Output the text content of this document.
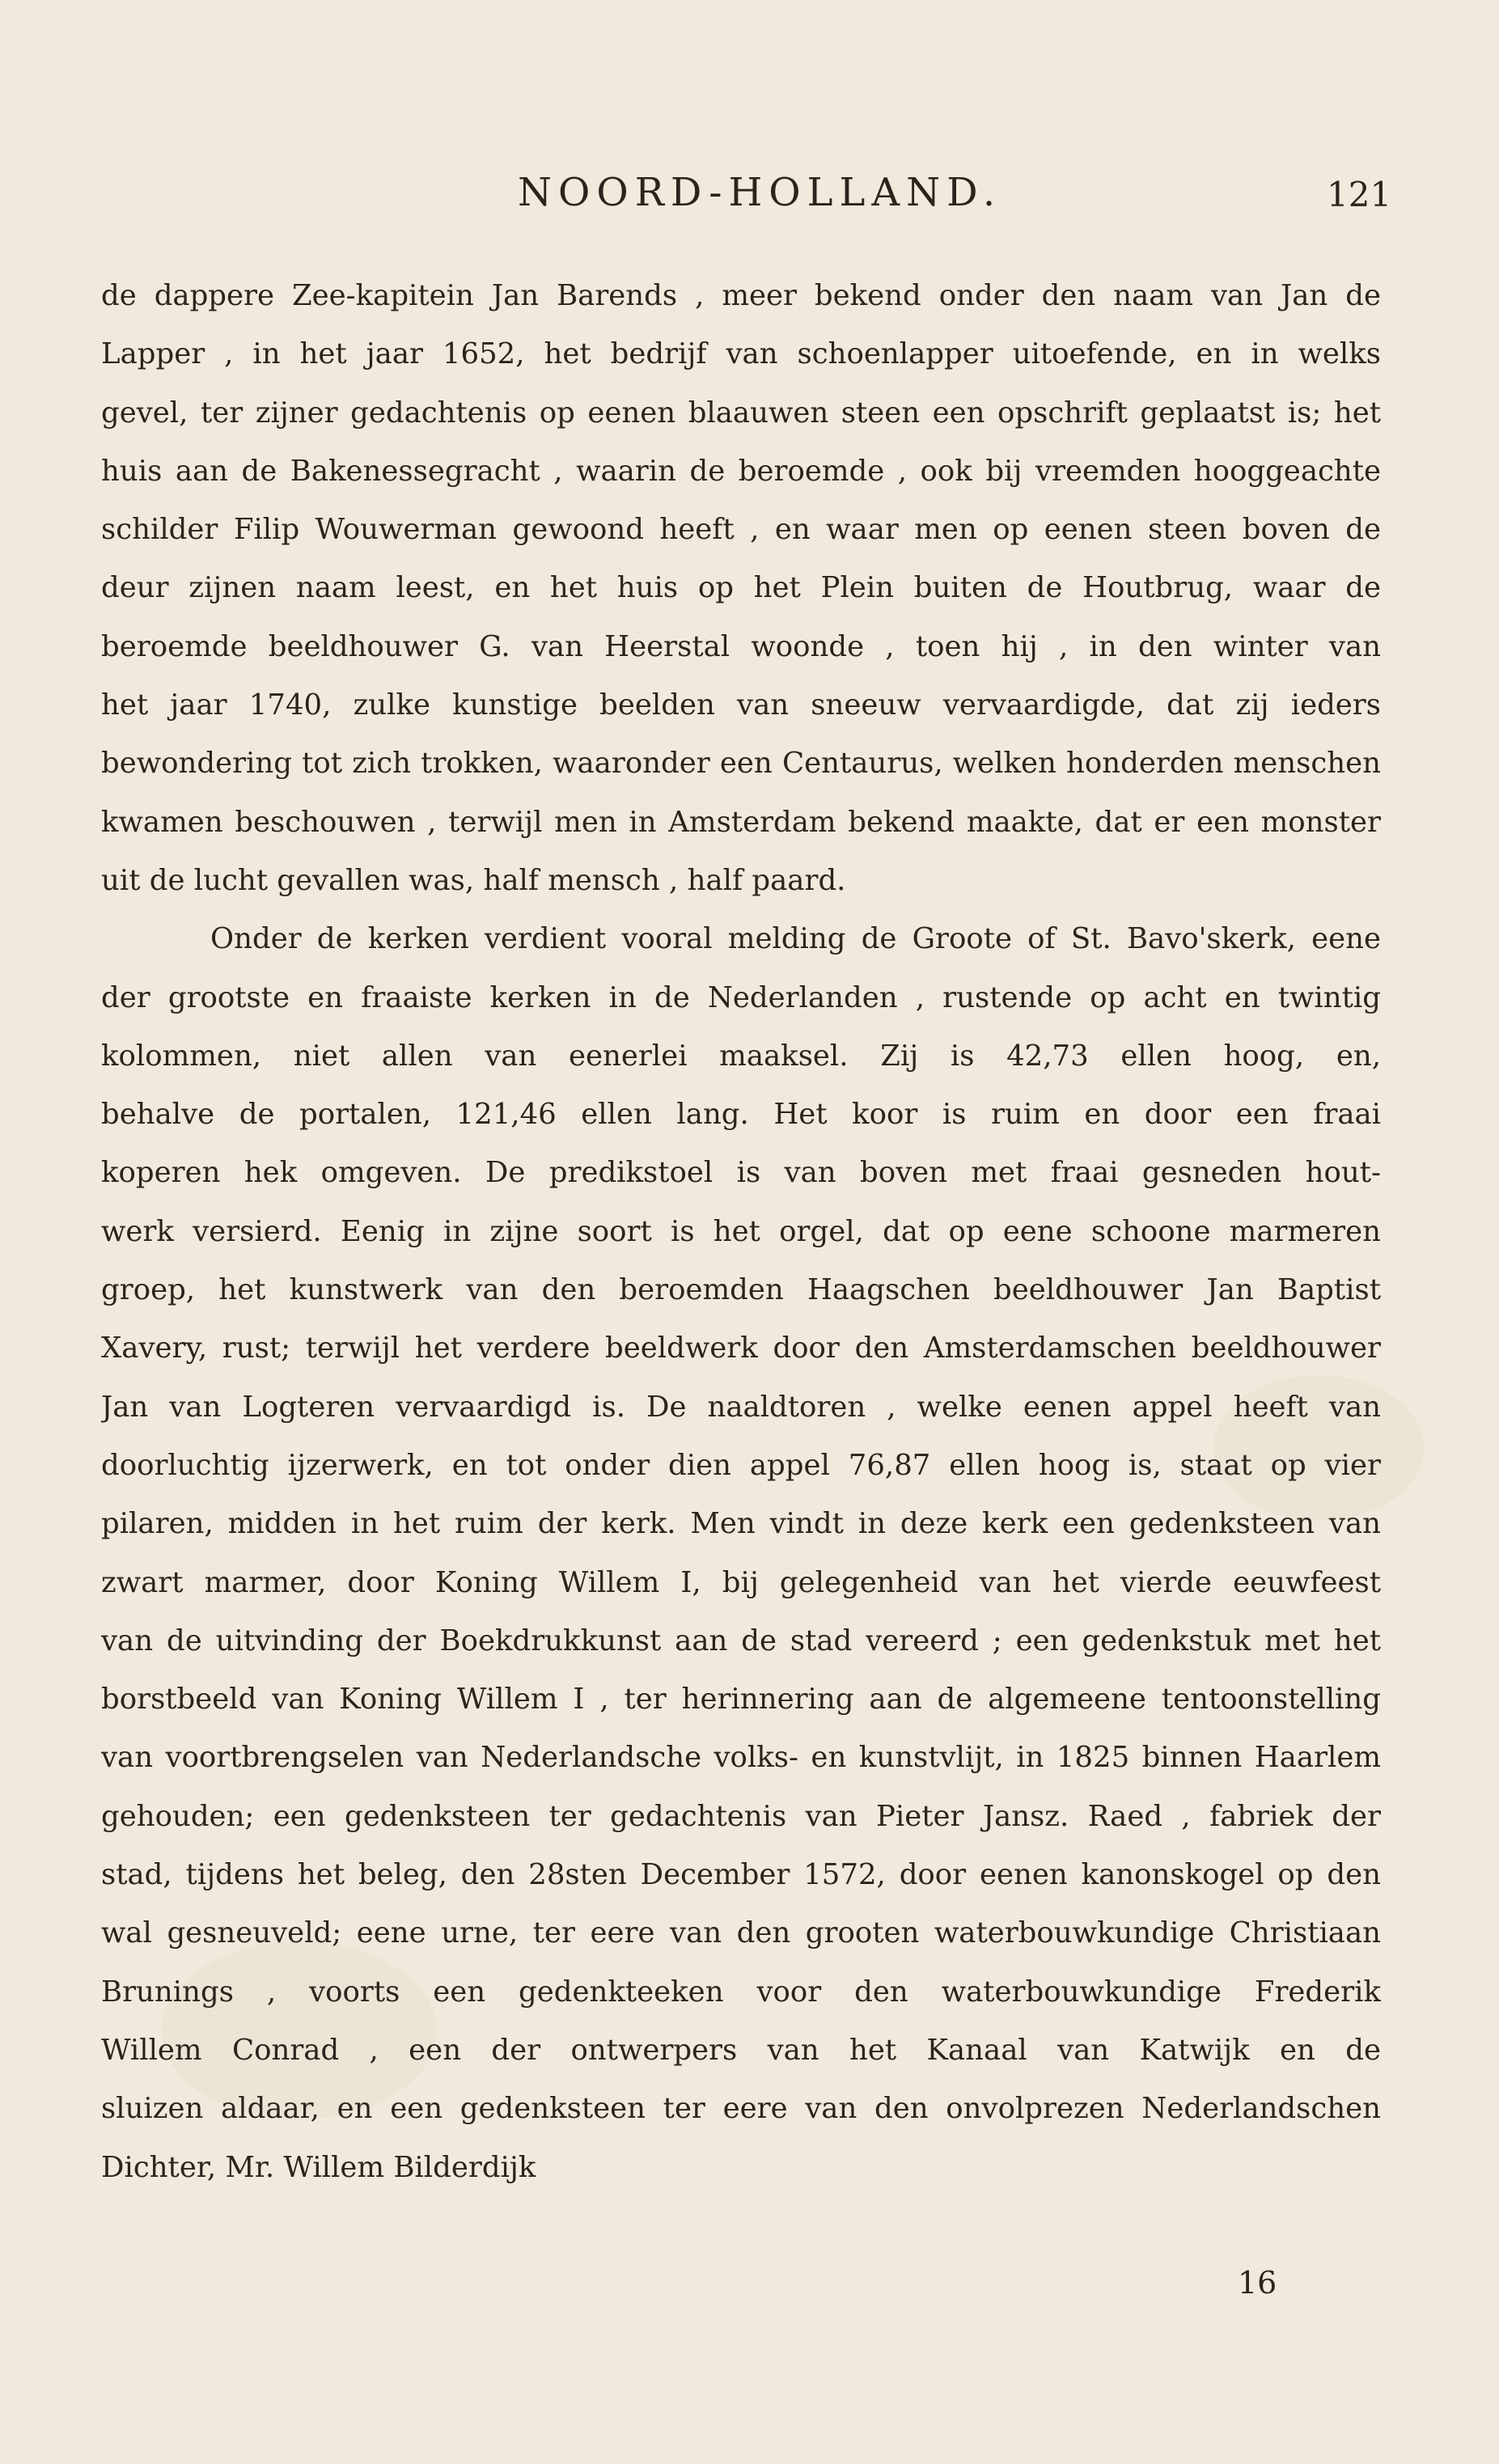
NOORD-HOLLAND.	121
de dappere Zee-kapitein Jan Barends , meer bekend onder den naam van Jan de
Lapper , in het jaar 1652, het bedrijf van schoenlapper uitoefende, en in welks
gevel, ter zijner gedachtenis op eenen blaauwen steen een opschrift geplaatst is; het
huis aan de Bakenessegracht , waarin de beroemde , ook bij vreemden hooggeachte
schilder Filip Wouwerman gewoond heeft , en waar men op eenen steen boven de
deur zijnen naam leest, en het huis op het Plein buiten de Houtbrug, waar de
beroemde beeldhouwer G. van Heerstal woonde , toen hij , in den winter van
het jaar 1740, zulke kunstige beelden van sneeuw vervaardigde, dat zij ieders
bewondering tot zich trokken, waaronder een Centaurus, welken honderden menschen
kwamen beschouwen , terwijl men in Amsterdam bekend maakte, dat er een monster
uit de lucht gevallen was, half mensch , half paard.
Onder de kerken verdient vooral melding de Groote of St. Bavo'skerk, eene
der grootste en fraaiste kerken in de Nederlanden , rustende op acht en twintig
kolommen, niet allen van eenerlei maaksel. Zij is 42,73 ellen hoog, en,
behalve de portalen, 121,46 ellen lang. Het koor is ruim en door een fraai
koperen hek omgeven. De predikstoel is van boven met fraai gesneden hout-
werk versierd. Eenig in zijne soort is het orgel, dat op eene schoone marmeren
groep, het kunstwerk van den beroemden Haagschen beeldhouwer Jan Baptist
Xavery, rust; terwijl het verdere beeldwerk door den Amsterdamschen beeldhouwer
Jan van Logteren vervaardigd is. De naaldtoren , welke eenen appel heeft van
doorluchtig ijzerwerk, en tot onder dien appel 76,87 ellen hoog is, staat op vier
pilaren, midden in het ruim der kerk. Men vindt in deze kerk een gedenksteen van
zwart marmer, door Koning Willem I, bij gelegenheid van het vierde eeuwfeest
van de uitvinding der Boekdrukkunst aan de stad vereerd ; een gedenkstuk met het
borstbeeld van Koning Willem I , ter herinnering aan de algemeene tentoonstelling
van voortbrengselen van Nederlandsche volks- en kunstvlijt, in 1825 binnen Haarlem
gehouden; een gedenksteen ter gedachtenis van Pieter Jansz. Raed , fabriek der
stad, tijdens het beleg, den 28sten December 1572, door eenen kanonskogel op den
wal gesneuveld; eene urne, ter eere van den grooten waterbouwkundige Christiaan
Brunings , voorts een gedenkteeken voor den waterbouwkundige Frederik
Willem Conrad , een der ontwerpers van het Kanaal van Katwijk en de
sluizen aldaar, en een gedenksteen ter eere van den onvolprezen Nederlandschen
Dichter, Mr. Willem Bilderdijk
16
